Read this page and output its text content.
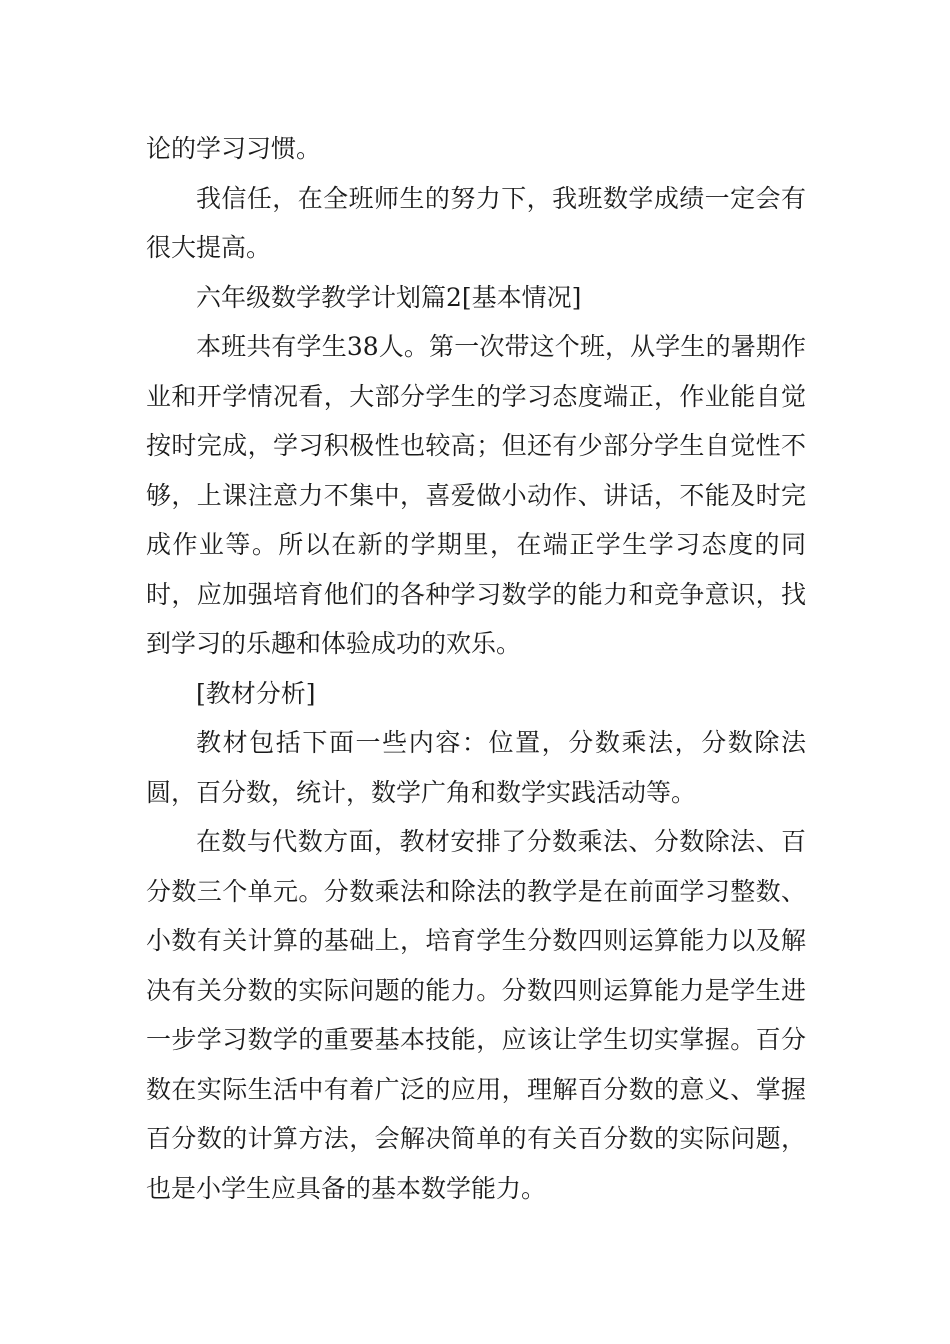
论的学习习惯。

我信任，在全班师生的努力下，我班数学成绩一定会有很大提高。

六年级数学教学计划篇2[基本情况]

本班共有学生38人。第一次带这个班，从学生的暑期作业和开学情况看，大部分学生的学习态度端正，作业能自觉按时完成，学习积极性也较高；但还有少部分学生自觉性不够，上课注意力不集中，喜爱做小动作、讲话，不能及时完成作业等。所以在新的学期里，在端正学生学习态度的同时，应加强培育他们的各种学习数学的能力和竞争意识，找到学习的乐趣和体验成功的欢乐。

[教材分析]

教材包括下面一些内容：位置，分数乘法，分数除法圆，百分数，统计，数学广角和数学实践活动等。

在数与代数方面，教材安排了分数乘法、分数除法、百分数三个单元。分数乘法和除法的教学是在前面学习整数、小数有关计算的基础上，培育学生分数四则运算能力以及解决有关分数的实际问题的能力。分数四则运算能力是学生进一步学习数学的重要基本技能，应该让学生切实掌握。百分数在实际生活中有着广泛的应用，理解百分数的意义、掌握百分数的计算方法，会解决简单的有关百分数的实际问题，也是小学生应具备的基本数学能力。
